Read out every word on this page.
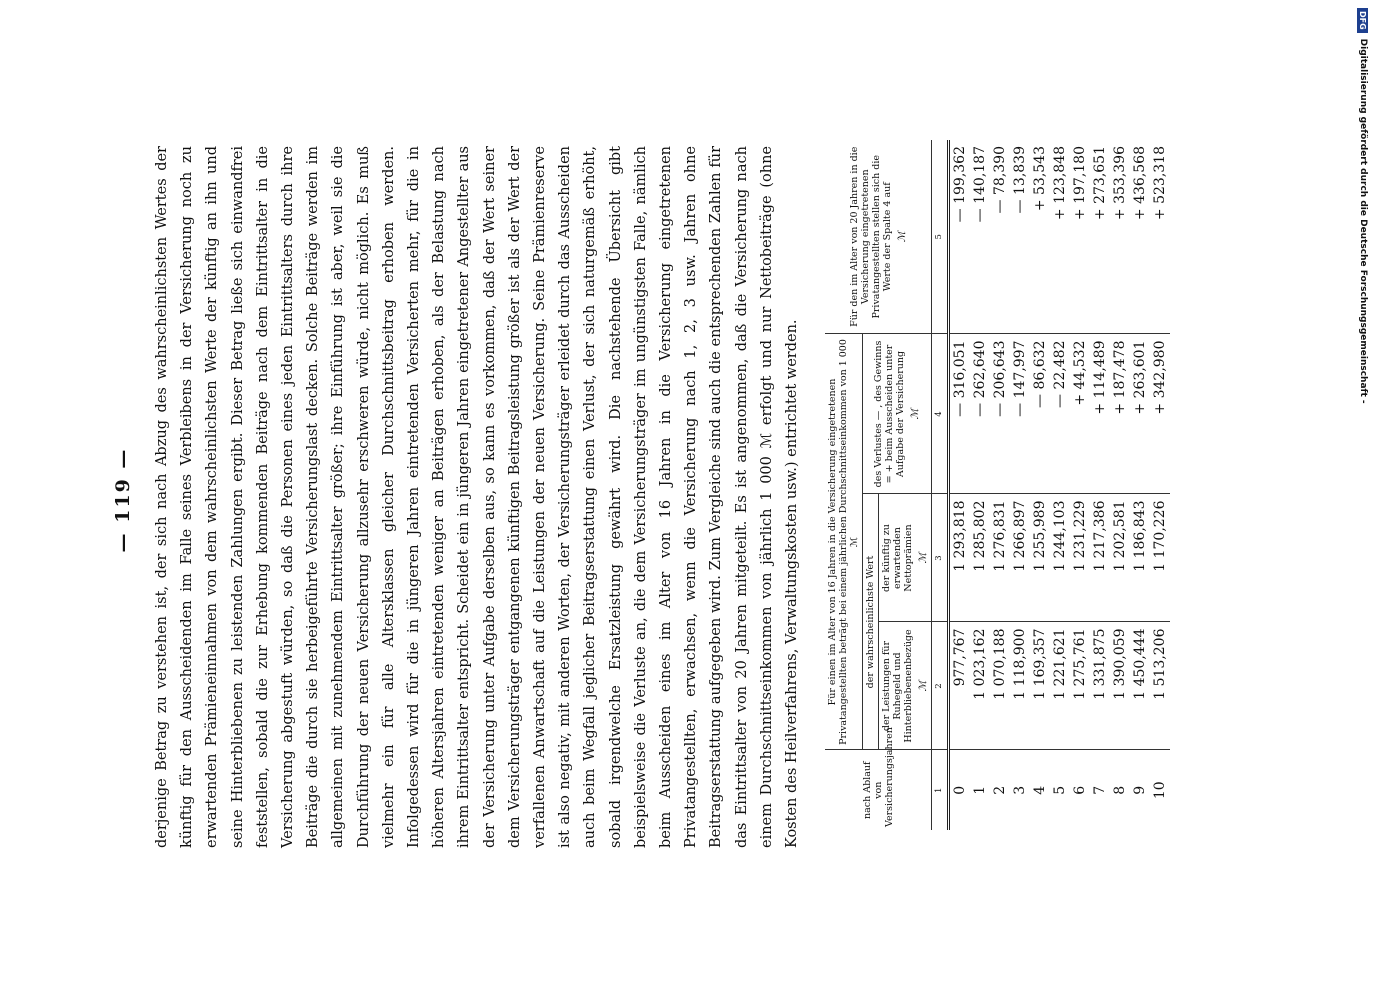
— 119 — derjenige Betrag zu verstehen ist, der sich nach Abzug des wahrscheinlichsten Wertes der künftig für den Ausscheidenden im Falle seines Verbleibens in der Versicherung noch zu erwartenden Prämieneinnahmen von dem wahrscheinlichsten Werte der künftig an ihn und seine Hinterbliebenen zu leistenden Zahlungen ergibt. Dieser Betrag ließe sich einwandfrei feststellen, sobald die zur Erhebung kommenden Beiträge nach dem Eintrittsalter in die Versicherung abgestuft würden, so daß die Personen eines jeden Eintrittsalters durch ihre Beiträge die durch sie herbeigeführte Versicherungslast decken. Solche Beiträge werden im allgemeinen mit zunehmendem Eintrittsalter größer; ihre Einführung ist aber, weil sie die Durchführung der neuen Versicherung allzusehr erschweren würde, nicht möglich. Es muß vielmehr ein für alle Altersklassen gleicher Durchschnittsbeitrag erhoben werden. Infolgedessen wird für die in jüngeren Jahren eintretenden Versicherten mehr, für die in höheren Altersjahren eintretenden weniger an Beiträgen erhoben, als der Belastung nach ihrem Eintrittsalter entspricht. Scheidet ein in jüngeren Jahren eingetretener Angestellter aus der Versicherung unter Aufgabe derselben aus, so kann es vorkommen, daß der Wert seiner dem Versicherungsträger entgangenen künftigen Beitragsleistung größer ist als der Wert der verfallenen Anwartschaft auf die Leistungen der neuen Versicherung. Seine Prämienreserve ist also negativ, mit anderen Worten, der Versicherungsträger erleidet durch das Ausscheiden auch beim Wegfall jeglicher Beitragserstattung einen Verlust, der sich naturgemäß erhöht, sobald irgendwelche Ersatzleistung gewährt wird. Die nachstehende Übersicht gibt beispielsweise die Verluste an, die dem Versicherungsträger im ungünstigsten Falle, nämlich beim Ausscheiden eines im Alter von 16 Jahren in die Versicherung eingetretenen Privatangestellten, erwachsen, wenn die Versicherung nach 1, 2, 3 usw. Jahren ohne Beitragserstattung aufgegeben wird. Zum Vergleiche sind auch die entsprechenden Zahlen für das Eintrittsalter von 20 Jahren mitgeteilt. Es ist angenommen, daß die Versicherung nach einem Durchschnittseinkommen von jährlich 1 000 ℳ erfolgt und nur Nettobeiträge (ohne Kosten des Heilverfahrens, Verwaltungskosten usw.) entrichtet werden.	nach Ablauf von Versicherungsjahren	Für einen im Alter von 16 Jahren in die Versicherung eingetretenen Privatangestellten beträgt bei einem jährlichen Durchschnittseinkommen von 1 000 ℳ			Für den im Alter von 20 Jahren in die Versicherung eingetretenen Privatangestellten stellen sich die Werte der Spalte 4 auf ℳ

	der wahrscheinlichste Wert		des Verlustes — , des Gewinns = + beim Ausscheiden unter Aufgabe der Versicherung ℳ	

	der Leistungen für Ruhegeld und Hinterbliebenenbezüge ℳ	der künftig zu erwartenden Nettoprämien ℳ		

1	2	3	4	5
0	977,767	1 293,818	— 316,051	— 199,362
1	1 023,162	1 285,802	— 262,640	— 140,187
2	1 070,188	1 276,831	— 206,643	— 78,390
3	1 118,900	1 266,897	— 147,997	— 13,839
4	1 169,357	1 255,989	— 86,632	+ 53,543
5	1 221,621	1 244,103	— 22,482	+ 123,848
6	1 275,761	1 231,229	+ 44,532	+ 197,180
7	1 331,875	1 217,386	+ 114,489	+ 273,651
8	1 390,059	1 202,581	+ 187,478	+ 353,396
9	1 450,444	1 186,843	+ 263,601	+ 436,568
10	1 513,206	1 170,226	+ 342,980	+ 523,318
DFG
Digitalisierung gefördert durch die Deutsche Forschungsgemeinschaft -
